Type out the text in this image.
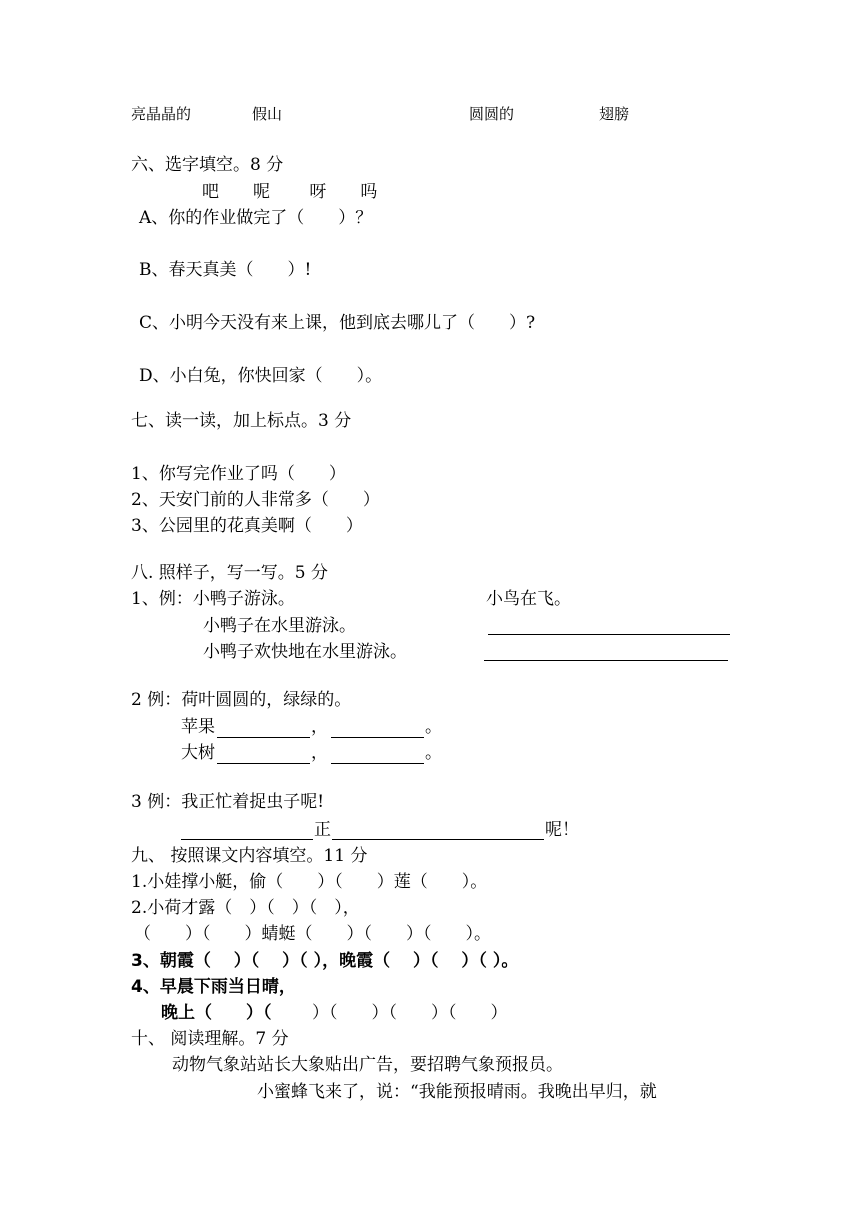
亮晶晶的	假山	圆圆的	翅膀
六、选字填空。8 分
吧　　呢　　 呀　　吗
A、你的作业做完了（　　）？
B、春天真美（　　）!
C、小明今天没有来上课，他到底去哪儿了（　　）?
D、小白兔，你快回家（　　）。
七、读一读，加上标点。3 分
1、你写完作业了吗（　　）
2、天安门前的人非常多（　　）
3、公园里的花真美啊（　　）
八. 照样子，写一写。5 分
1、例：小鸭子游泳。	小鸟在飞。
小鸭子在水里游泳。
小鸭子欢快地在水里游泳。
2 例：荷叶圆圆的，绿绿的。
苹果	，	。
大树	，	。
3 例：我正忙着捉虫子呢!
正	呢！
九、 按照课文内容填空。11 分
1.小娃撑小艇，偷（　　）（　　）莲（　　）。
2.小荷才露（　）（　）（　），
（　　）（　　）蜻蜓（　　）（　　）（　　）。
3、朝霞（　 ）（　 ）（ ），晚霞（　 ）（　 ）（ ）。
4、早晨下雨当日晴，
晚上（　　）（ ）（　　）（　　）（　　）
十、 阅读理解。7 分
动物气象站站长大象贴出广告，要招聘气象预报员。
小蜜蜂飞来了，说：“我能预报晴雨。我晚出早归，就
